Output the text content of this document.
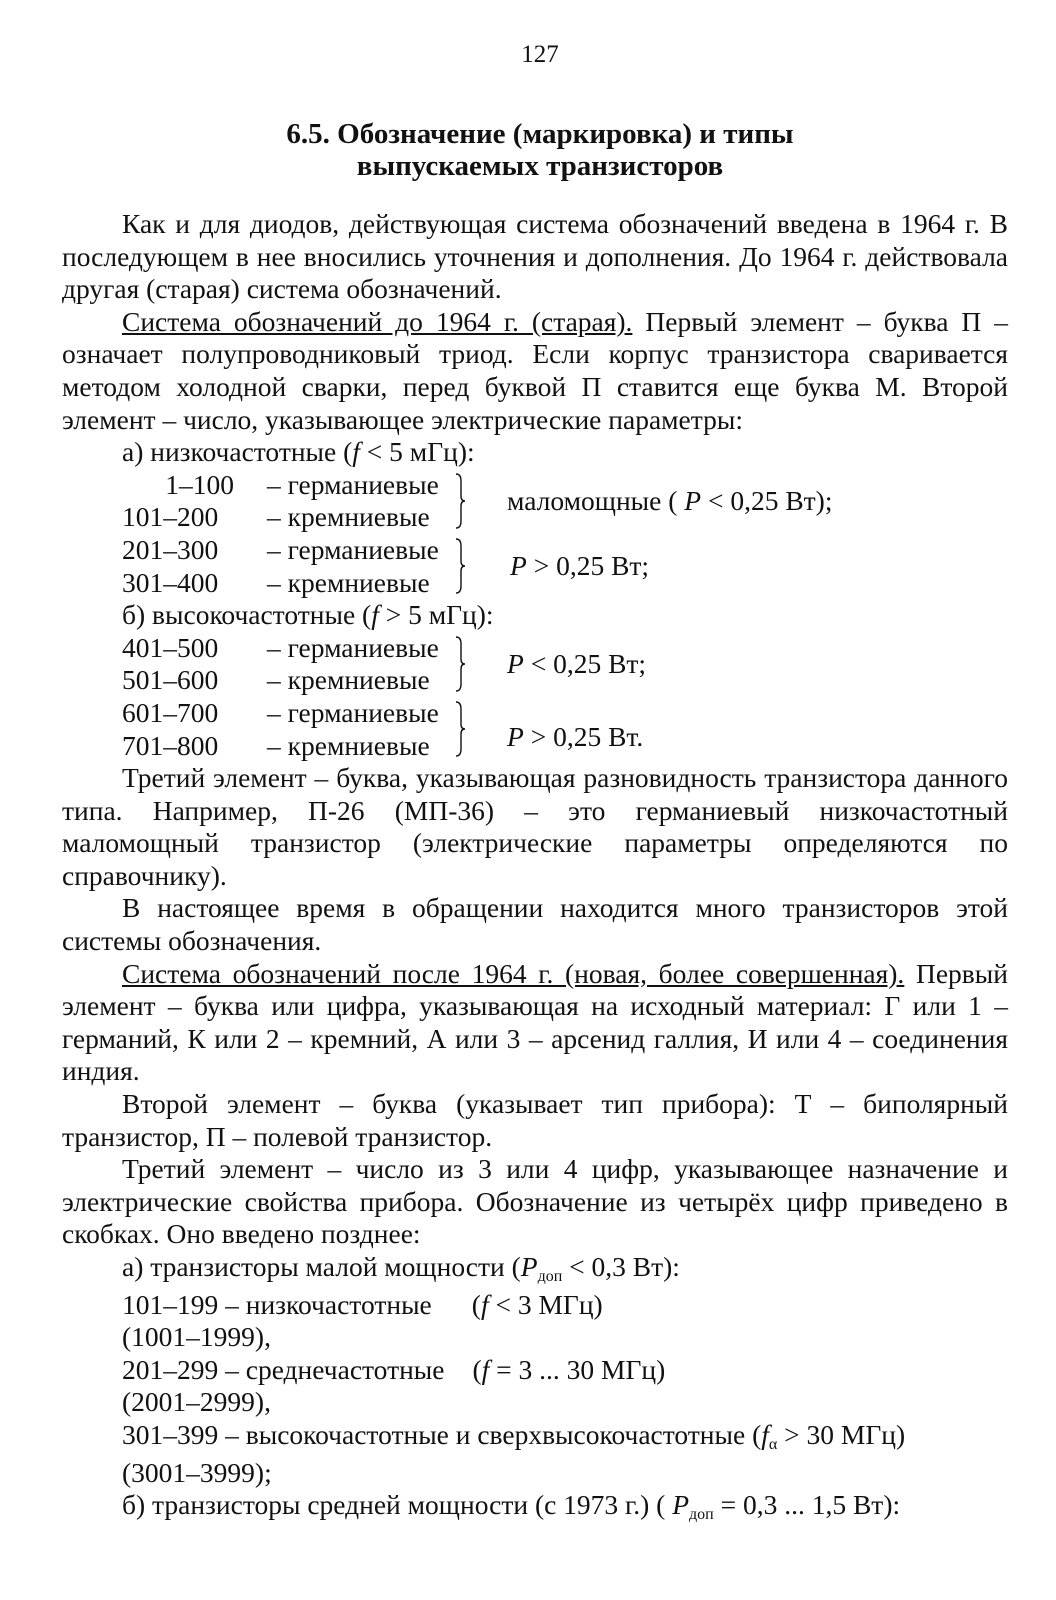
127
6.5. Обозначение (маркировка) и типы
выпускаемых транзисторов
Как и для диодов, действующая система обозначений введена в 1964 г. В последующем в нее вносились уточнения и дополнения. До 1964 г. действовала другая (старая) система обозначений.
Система обозначений до 1964 г. (старая). Первый элемент – буква П – означает полупроводниковый триод. Если корпус транзистора сваривается методом холодной сварки, перед буквой П ставится еще буква М. Второй элемент – число, указывающее электрические параметры:
а) низкочастотные (f < 5 мГц):
1–100 – германиевые
101–200	– кремниевые
маломощные ( P < 0,25 Вт);
201–300	– германиевые
301–400	– кремниевые
P > 0,25 Вт;
б) высокочастотные (f > 5 мГц):
401–500	– германиевые
501–600	– кремниевые
P < 0,25 Вт;
601–700	– германиевые
701–800	– кремниевые	P > 0,25 Вт.
Третий элемент – буква, указывающая разновидность транзистора данного типа. Например, П-26 (МП-36) – это германиевый низкочастотный маломощный транзистор (электрические параметры определяются по справочнику).
В настоящее время в обращении находится много транзисторов этой системы обозначения.
Система обозначений после 1964 г. (новая, более совершенная). Первый элемент – буква или цифра, указывающая на исходный материал: Г или 1 – германий, К или 2 – кремний, А или 3 – арсенид галлия, И или 4 – соединения индия.
Второй элемент – буква (указывает тип прибора): Т – биполярный транзистор, П – полевой транзистор.
Третий элемент – число из 3 или 4 цифр, указывающее назначение и электрические свойства прибора. Обозначение из четырёх цифр приведено в скобках. Оно введено позднее:
а) транзисторы малой мощности (Pдоп < 0,3 Вт):
101–199 – низкочастотные (f < 3 МГц)
(1001–1999),
201–299 – среднечастотные (f = 3 ... 30 МГц)
(2001–2999),
301–399 – высокочастотные и сверхвысокочастотные (fα > 30 МГц)
(3001–3999);
б) транзисторы средней мощности (с 1973 г.) ( Pдоп = 0,3 ... 1,5 Вт):
